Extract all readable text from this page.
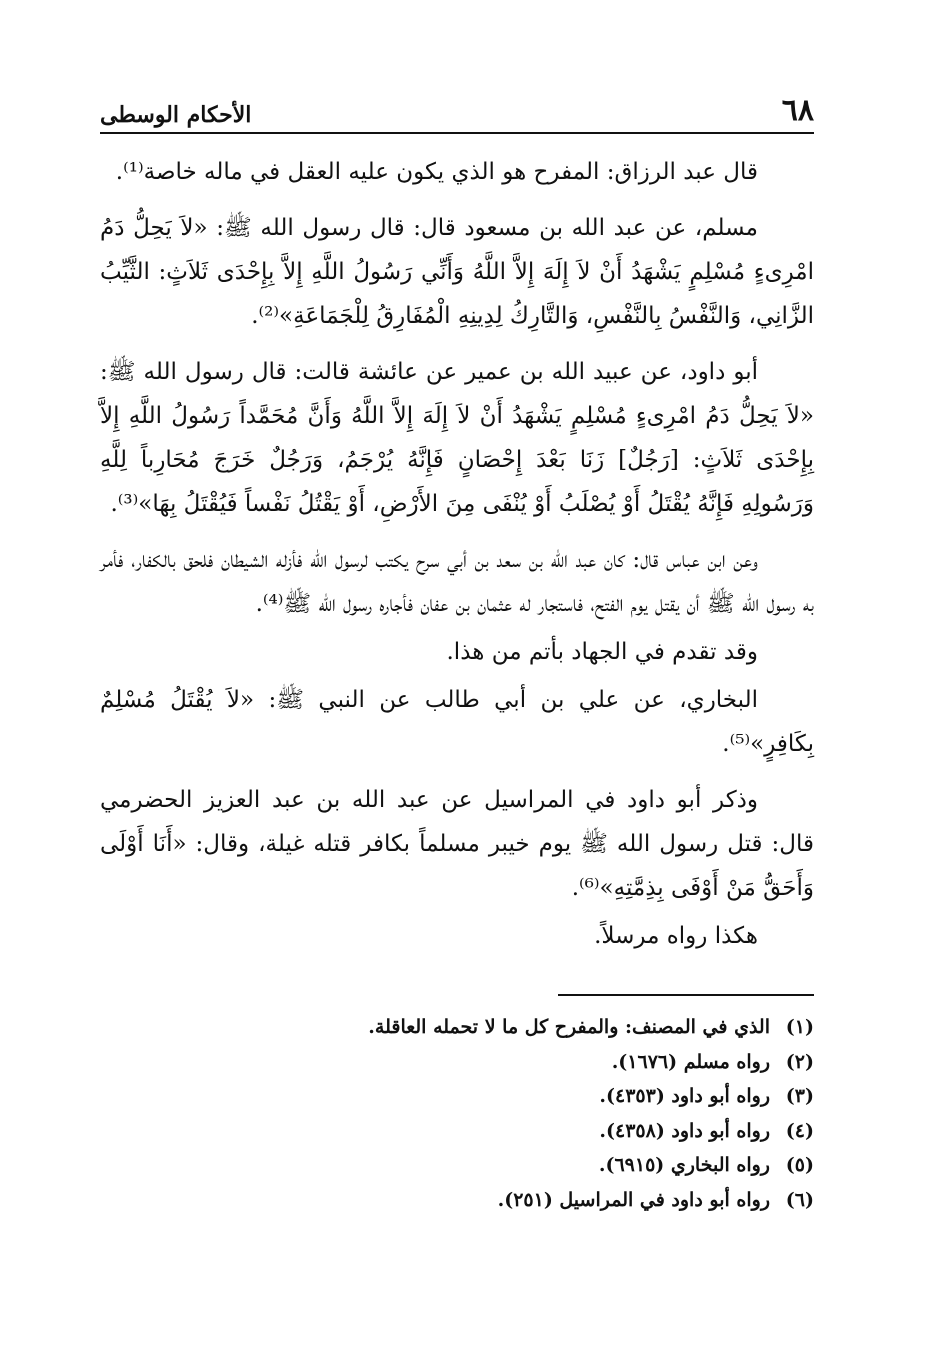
٦٨
الأحكام الوسطى

قال عبد الرزاق: المفرح هو الذي يكون عليه العقل في ماله خاصة⁽¹⁾.

مسلم، عن عبد الله بن مسعود قال: قال رسول الله ﷺ: «لاَ يَحِلُّ دَمُ امْرِىءٍ مُسْلِمٍ يَشْهَدُ أَنْ لاَ إِلَهَ إِلاَّ اللَّهُ وَأَنِّي رَسُولُ اللَّهِ إِلاَّ بِإِحْدَى ثَلاَثٍ: الثَّيِّبُ الزَّانِي، وَالنَّفْسُ بِالنَّفْسِ، وَالتَّارِكُ لِدِينِهِ الْمُفَارِقُ لِلْجَمَاعَةِ»⁽²⁾.

أبو داود، عن عبيد الله بن عمير عن عائشة قالت: قال رسول الله ﷺ: «لاَ يَحِلُّ دَمُ امْرِىءٍ مُسْلِمٍ يَشْهَدُ أَنْ لاَ إِلَهَ إِلاَّ اللَّهُ وَأَنَّ مُحَمَّداً رَسُولُ اللَّهِ إِلاَّ بِإِحْدَى ثَلاَثٍ: [رَجُلٌ] زَنَا بَعْدَ إِحْصَانٍ فَإِنَّهُ يُرْجَمُ، وَرَجُلٌ خَرَجَ مُحَارِباً لِلَّهِ وَرَسُولِهِ فَإِنَّهُ يُقْتَلُ أَوْ يُصْلَبُ أَوْ يُنْفَى مِنَ الأَرْضِ، أَوْ يَقْتُلُ نَفْساً فَيُقْتَلُ بِهَا»⁽³⁾.

وعن ابن عباس قال: كان عبد الله بن سعد بن أبي سرح يكتب لرسول الله فأزله الشيطان فلحق بالكفار، فأمر به رسول الله ﷺ أن يقتل يوم الفتح، فاستجار له عثمان بن عفان فأجاره رسول الله ﷺ⁽⁴⁾.

وقد تقدم في الجهاد بأتم من هذا.

البخاري، عن علي بن أبي طالب عن النبي ﷺ: «لاَ يُقْتَلُ مُسْلِمٌ بِكَافِرٍ»⁽⁵⁾.

وذكر أبو داود في المراسيل عن عبد الله بن عبد العزيز الحضرمي قال: قتل رسول الله ﷺ يوم خيبر مسلماً بكافر قتله غيلة، وقال: «أَنَا أَوْلَى وَأَحَقُّ مَنْ أَوْفَى بِذِمَّتِهِ»⁽⁶⁾.

هكذا رواه مرسلاً.

(١)الذي في المصنف: والمفرح كل ما لا تحمله العاقلة.
(٢)رواه مسلم (١٦٧٦).
(٣)رواه أبو داود (٤٣٥٣).
(٤)رواه أبو داود (٤٣٥٨).
(٥)رواه البخاري (٦٩١٥).
(٦)رواه أبو داود في المراسيل (٢٥١).
